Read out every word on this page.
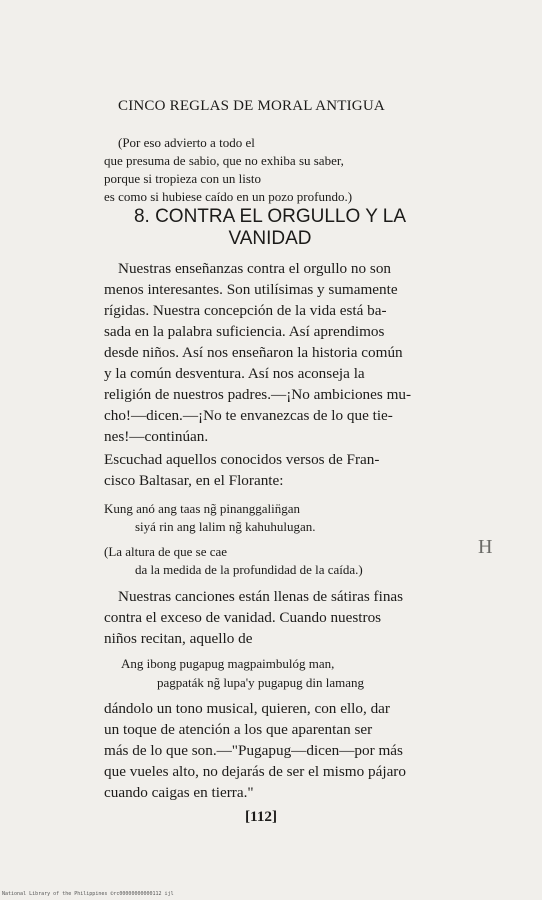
CINCO REGLAS DE MORAL ANTIGUA
(Por eso advierto a todo el
que presuma de sabio, que no exhiba su saber,
porque si tropieza con un listo
es como si hubiese caído en un pozo profundo.)
8. CONTRA EL ORGULLO Y LA
VANIDAD
Nuestras enseñanzas contra el orgullo no son
menos interesantes. Son utilísimas y sumamente
rígidas. Nuestra concepción de la vida está ba-
sada en la palabra suficiencia. Así aprendimos
desde niños. Así nos enseñaron la historia común
y la común desventura. Así nos aconseja la
religión de nuestros padres.—¡No ambiciones mu-
cho!—dicen.—¡No te envanezcas de lo que tie-
nes!—continúan.
Escuchad aquellos conocidos versos de Fran-
cisco Baltasar, en el Florante:
Kung anó ang taas ng̃ pinanggalin̈gan
siyá rin ang lalim ng̃ kahuhulugan.
(La altura de que se cae
da la medida de la profundidad de la caída.)
Nuestras canciones están llenas de sátiras finas
contra el exceso de vanidad. Cuando nuestros
niños recitan, aquello de
Ang ibong pugapug magpaimbulóg man,
pagpaták ng̃ lupa'y pugapug din lamang
dándolo un tono musical, quieren, con ello, dar
un toque de atención a los que aparentan ser
más de lo que son.—"Pugapug—dicen—por más
que vueles alto, no dejarás de ser el mismo pájaro
cuando caigas en tierra."
[112]
H
National Library of the Philippines ©rc00000000000112 ijl
